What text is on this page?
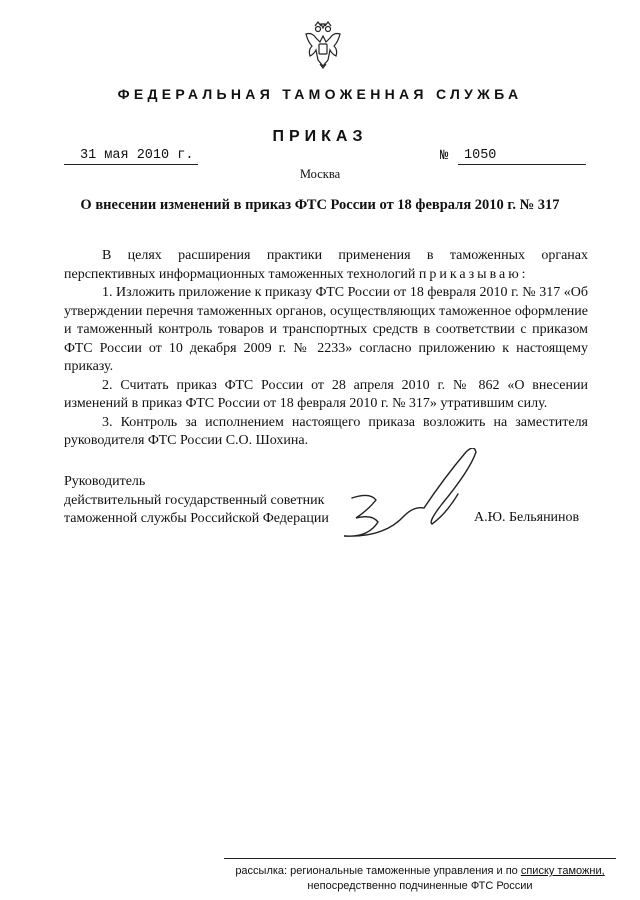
ФЕДЕРАЛЬНАЯ ТАМОЖЕННАЯ СЛУЖБА
ПРИКАЗ
31 мая 2010 г.	№	1050
Москва
О внесении изменений в приказ ФТС России от 18 февраля 2010 г. № 317

В целях расширения практики применения в таможенных органах перспективных информационных таможенных технологий приказываю:

1. Изложить приложение к приказу ФТС России от 18 февраля 2010 г. № 317 «Об утверждении перечня таможенных органов, осуществляющих таможенное оформление и таможенный контроль товаров и транспортных средств в соответствии с приказом ФТС России от 10 декабря 2009 г. № 2233» согласно приложению к настоящему приказу.

2. Считать приказ ФТС России от 28 апреля 2010 г. № 862 «О внесении изменений в приказ ФТС России от 18 февраля 2010 г. № 317» утратившим силу.

3. Контроль за исполнением настоящего приказа возложить на заместителя руководителя ФТС России С.О. Шохина.

Руководитель
действительный государственный советник
таможенной службы Российской Федерации	А.Ю. Бельянинов
рассылка: региональные таможенные управления и по списку таможни,
непосредственно подчиненные ФТС России
